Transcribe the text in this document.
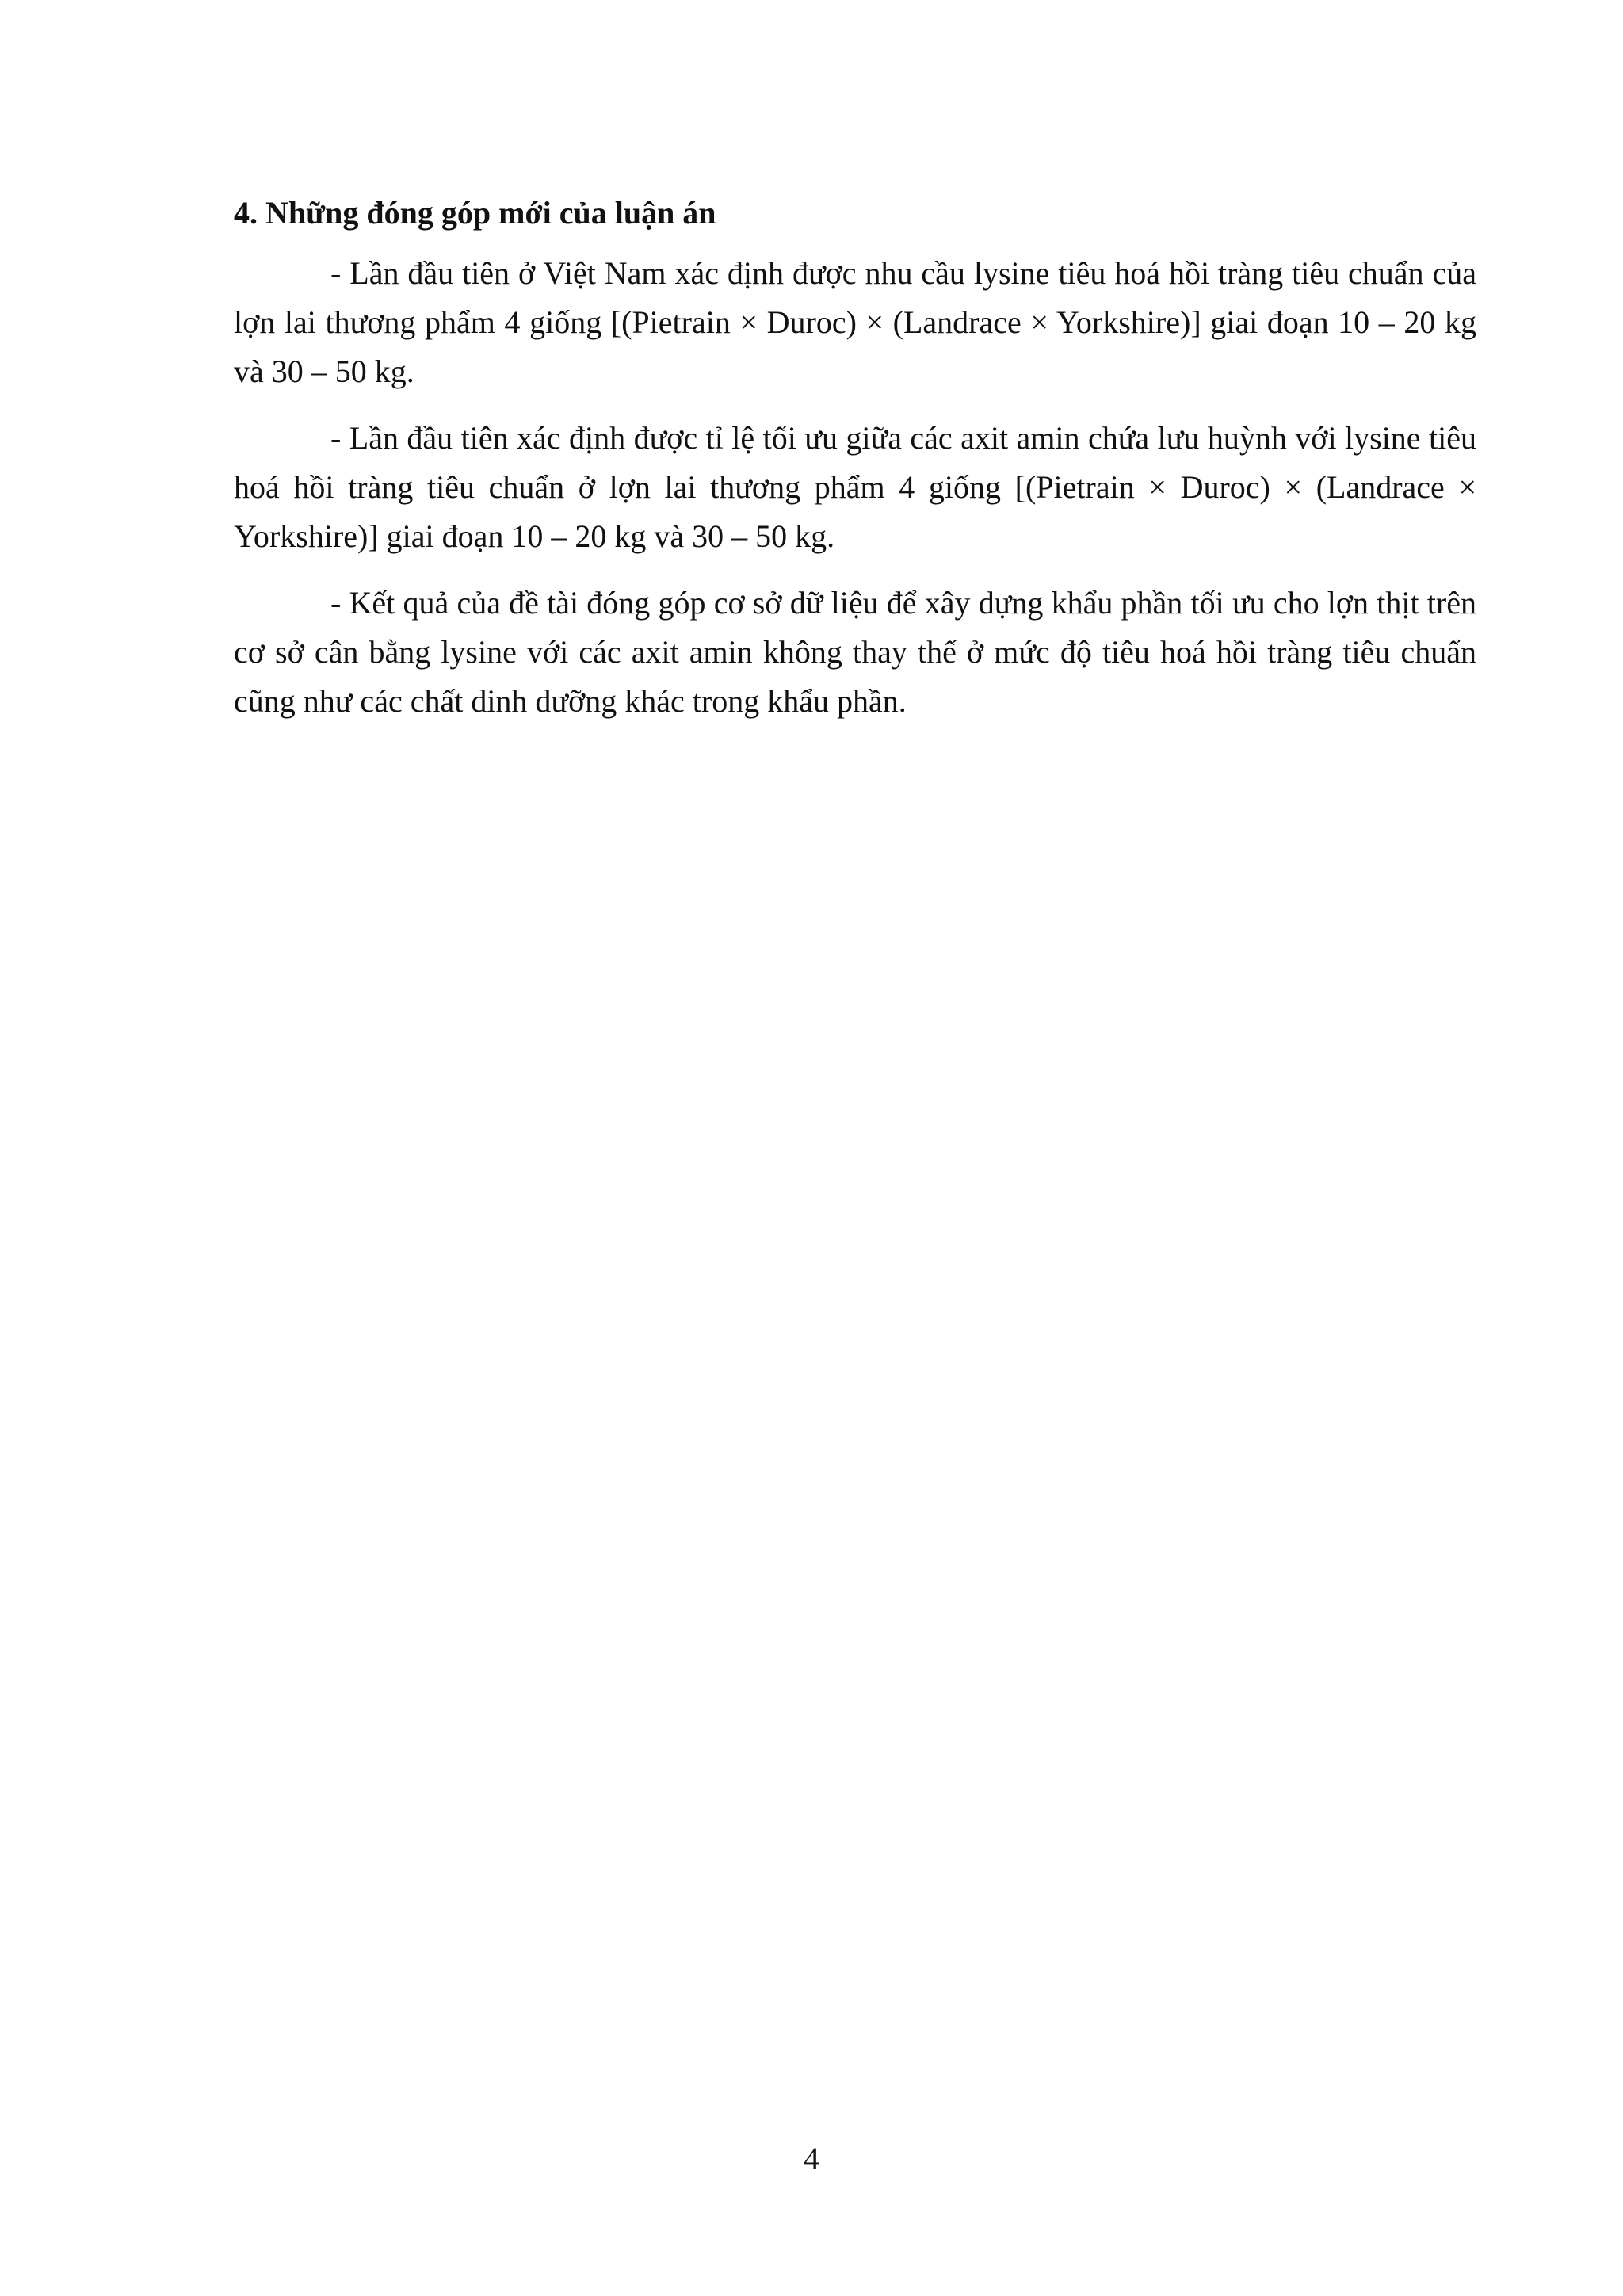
4. Những đóng góp mới của luận án

- Lần đầu tiên ở Việt Nam xác định được nhu cầu lysine tiêu hoá hồi tràng tiêu chuẩn của lợn lai thương phẩm 4 giống [(Pietrain × Duroc) × (Landrace × Yorkshire)] giai đoạn 10 – 20 kg và 30 – 50 kg.

- Lần đầu tiên xác định được tỉ lệ tối ưu giữa các axit amin chứa lưu huỳnh với lysine tiêu hoá hồi tràng tiêu chuẩn ở lợn lai thương phẩm 4 giống [(Pietrain × Duroc) × (Landrace × Yorkshire)] giai đoạn 10 – 20 kg và 30 – 50 kg.

- Kết quả của đề tài đóng góp cơ sở dữ liệu để xây dựng khẩu phần tối ưu cho lợn thịt trên cơ sở cân bằng lysine với các axit amin không thay thế ở mức độ tiêu hoá hồi tràng tiêu chuẩn cũng như các chất dinh dưỡng khác trong khẩu phần.

4
